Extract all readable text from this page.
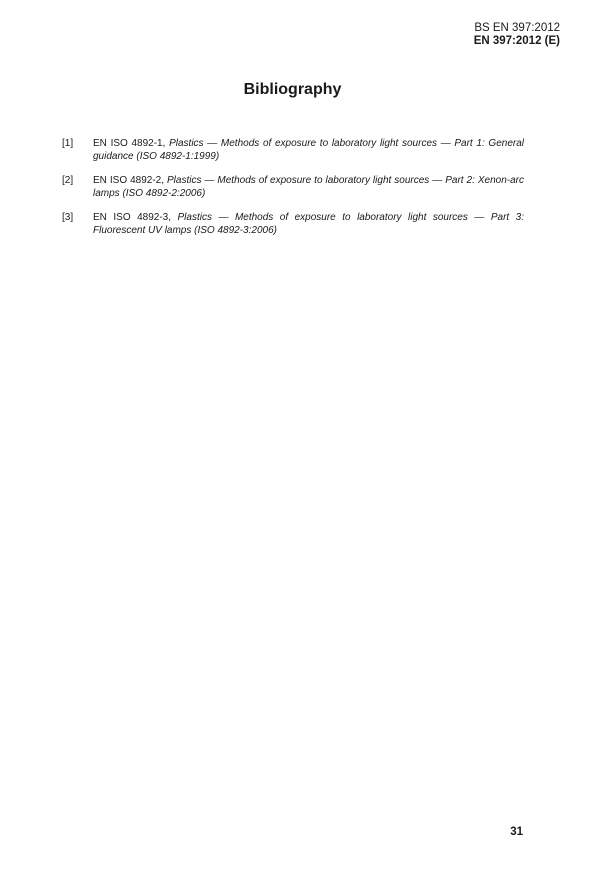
BS EN 397:2012
EN 397:2012 (E)
Bibliography
[1]	EN ISO 4892-1, Plastics — Methods of exposure to laboratory light sources — Part 1: General guidance (ISO 4892-1:1999)
[2]	EN ISO 4892-2, Plastics — Methods of exposure to laboratory light sources — Part 2: Xenon-arc lamps (ISO 4892-2:2006)
[3]	EN ISO 4892-3, Plastics — Methods of exposure to laboratory light sources — Part 3: Fluorescent UV lamps (ISO 4892-3:2006)
31
